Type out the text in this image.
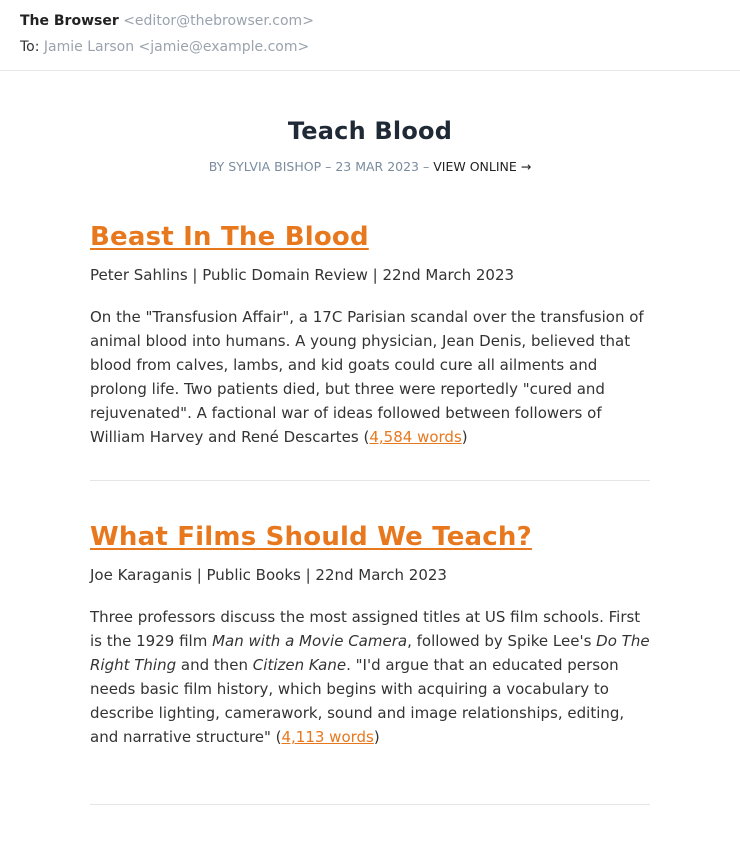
The Browser <editor@thebrowser.com>
To: Jamie Larson <jamie@example.com>
Teach Blood
BY SYLVIA BISHOP – 23 MAR 2023 – VIEW ONLINE →
Beast In The Blood
Peter Sahlins | Public Domain Review | 22nd March 2023
On the "Transfusion Affair", a 17C Parisian scandal over the transfusion of animal blood into humans. A young physician, Jean Denis, believed that blood from calves, lambs, and kid goats could cure all ailments and prolong life. Two patients died, but three were reportedly "cured and rejuvenated". A factional war of ideas followed between followers of William Harvey and René Descartes (4,584 words)
What Films Should We Teach?
Joe Karaganis | Public Books | 22nd March 2023
Three professors discuss the most assigned titles at US film schools. First is the 1929 film Man with a Movie Camera, followed by Spike Lee's Do The Right Thing and then Citizen Kane. "I'd argue that an educated person needs basic film history, which begins with acquiring a vocabulary to describe lighting, camerawork, sound and image relationships, editing, and narrative structure" (4,113 words)
